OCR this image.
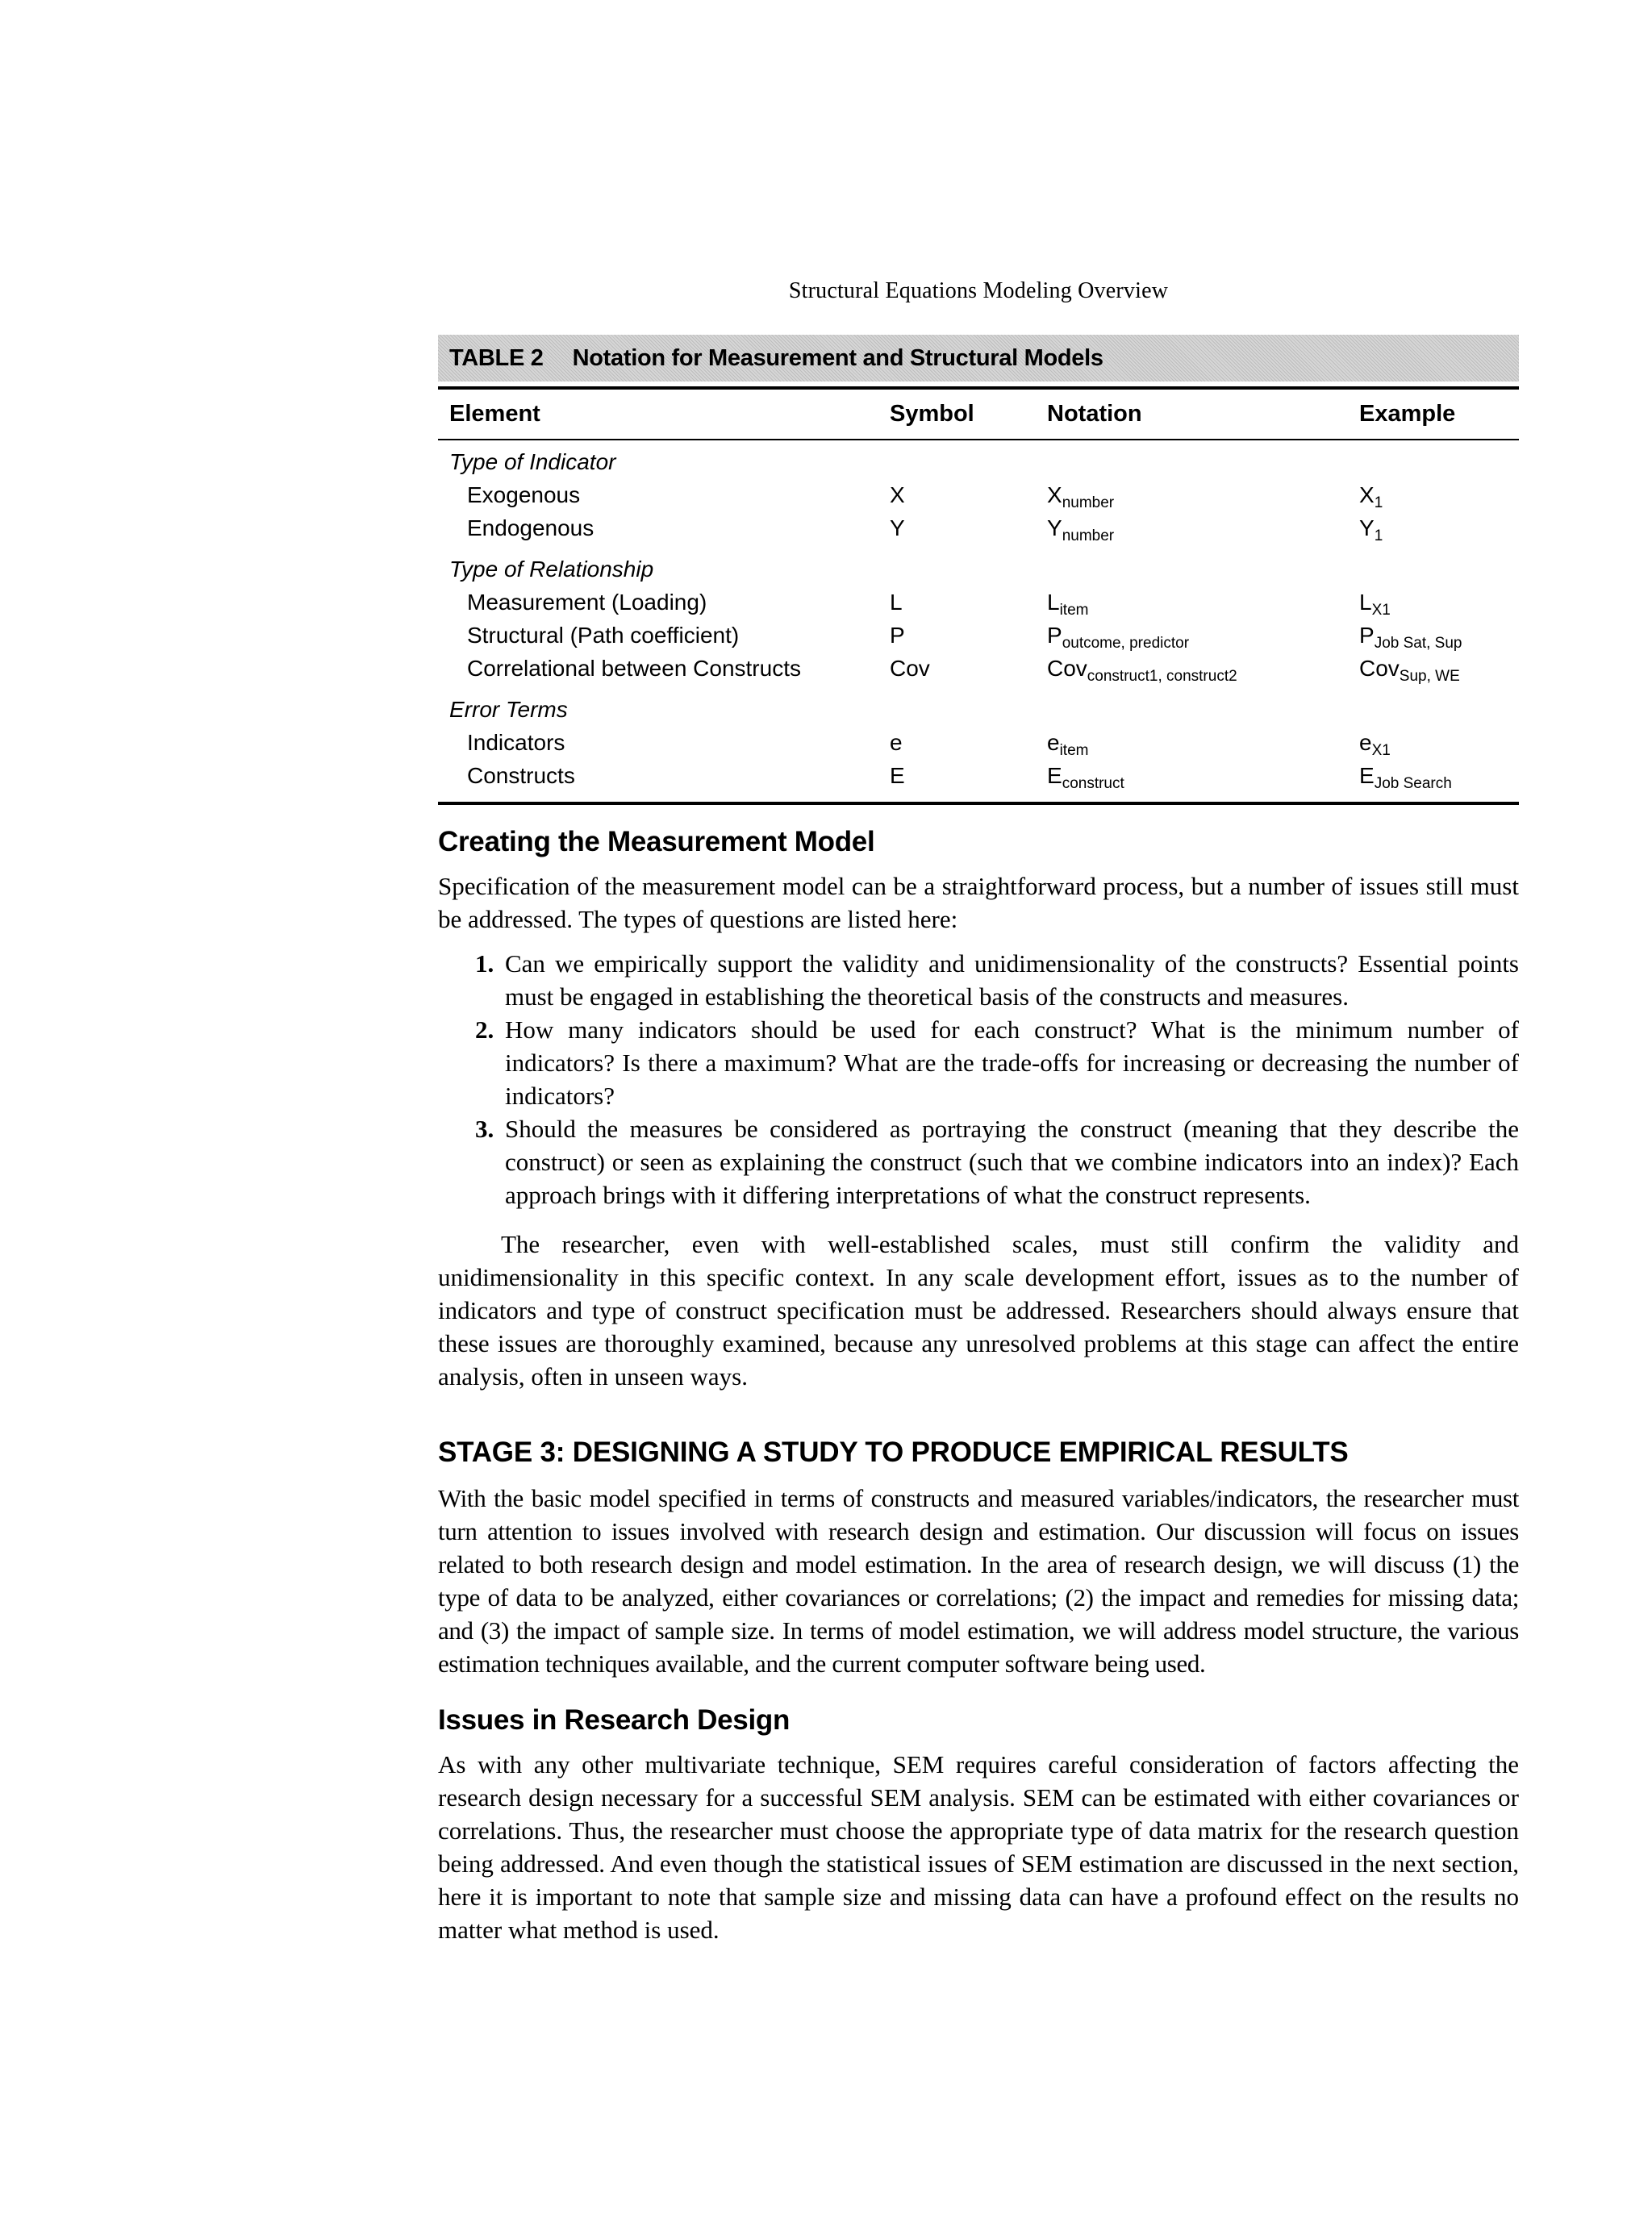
Structural Equations Modeling Overview
TABLE 2 Notation for Measurement and Structural Models
Element	Symbol	Notation	Example
Type of Indicator			
Exogenous	X	$X_{number}$	$X_1$
Endogenous	Y	$Y_{number}$	$Y_1$
Type of Relationship			
Measurement (Loading)	L	$L_{item}$	$L_{X1}$
Structural (Path coefficient)	P	$P_{outcome, predictor}$	$P_{Job Sat, Sup}$
Correlational between Constructs	Cov	Cov$_{construct1, construct2}$	Cov$_{Sup, WE}$
Error Terms			
Indicators	e	$e_{item}$	$e_{X1}$
Constructs	E	$E_{construct}$	$E_{Job Search}$
Creating the Measurement Model

Specification of the measurement model can be a straightforward process, but a number of issues still must be addressed. The types of questions are listed here:

1. Can we empirically support the validity and unidimensionality of the constructs? Essential points must be engaged in establishing the theoretical basis of the constructs and measures.
2. How many indicators should be used for each construct? What is the minimum number of indicators? Is there a maximum? What are the trade-offs for increasing or decreasing the number of indicators?
3. Should the measures be considered as portraying the construct (meaning that they describe the construct) or seen as explaining the construct (such that we combine indicators into an index)? Each approach brings with it differing interpretations of what the construct represents.

The researcher, even with well-established scales, must still confirm the validity and unidimensionality in this specific context. In any scale development effort, issues as to the number of indicators and type of construct specification must be addressed. Researchers should always ensure that these issues are thoroughly examined, because any unresolved problems at this stage can affect the entire analysis, often in unseen ways.

STAGE 3: DESIGNING A STUDY TO PRODUCE EMPIRICAL RESULTS

With the basic model specified in terms of constructs and measured variables/indicators, the researcher must turn attention to issues involved with research design and estimation. Our discussion will focus on issues related to both research design and model estimation. In the area of research design, we will discuss (1) the type of data to be analyzed, either covariances or correlations; (2) the impact and remedies for missing data; and (3) the impact of sample size. In terms of model estimation, we will address model structure, the various estimation techniques available, and the current computer software being used.

Issues in Research Design

As with any other multivariate technique, SEM requires careful consideration of factors affecting the research design necessary for a successful SEM analysis. SEM can be estimated with either covariances or correlations. Thus, the researcher must choose the appropriate type of data matrix for the research question being addressed. And even though the statistical issues of SEM estimation are discussed in the next section, here it is important to note that sample size and missing data can have a profound effect on the results no matter what method is used.
